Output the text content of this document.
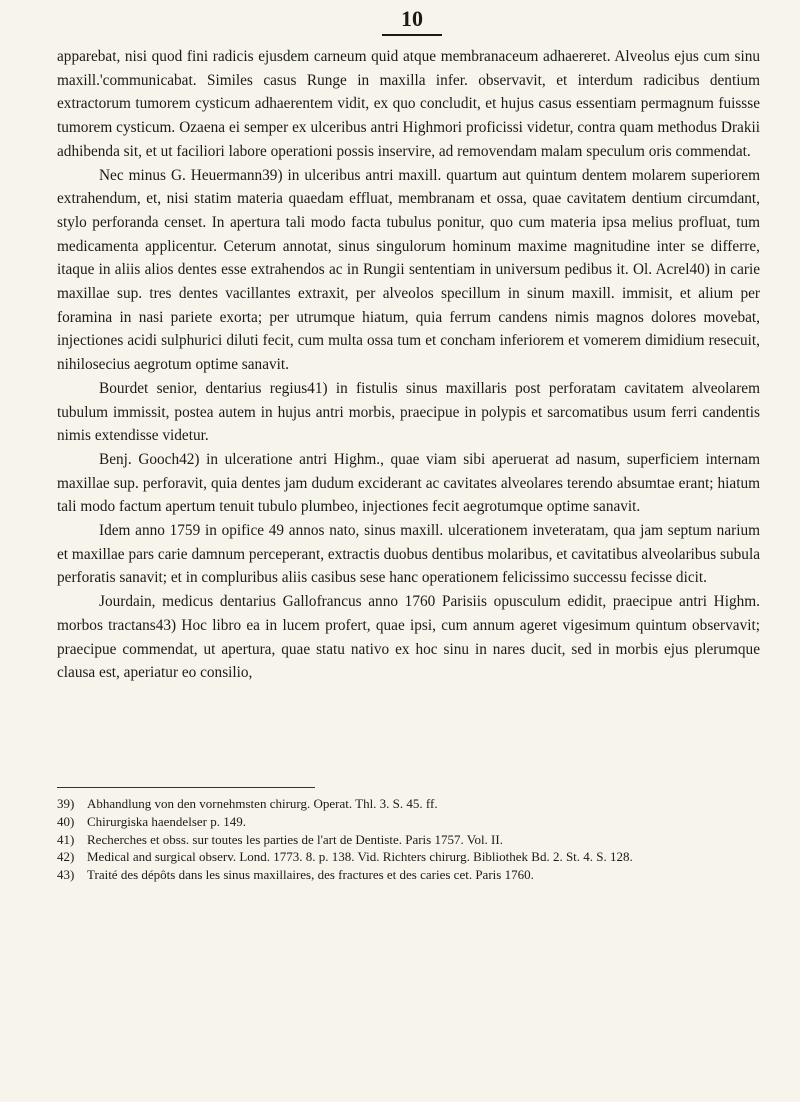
10

apparebat, nisi quod fini radicis ejusdem carneum quid atque membranaceum adhaereret. Alveolus ejus cum sinu maxill.'communicabat. Similes casus Runge in maxilla infer. observavit, et interdum radicibus dentium extractorum tumorem cysticum adhaerentem vidit, ex quo concludit, et hujus casus essentiam permagnum fuissse tumorem cysticum. Ozaena ei semper ex ulceribus antri Highmori proficissi videtur, contra quam methodus Drakii adhibenda sit, et ut faciliori labore operationi possis inservire, ad removendam malam speculum oris commendat.

Nec minus G. Heuermann39) in ulceribus antri maxill. quartum aut quintum dentem molarem superiorem extrahendum, et, nisi statim materia quaedam effluat, membranam et ossa, quae cavitatem dentium circumdant, stylo perforanda censet. In apertura tali modo facta tubulus ponitur, quo cum materia ipsa melius profluat, tum medicamenta applicentur. Ceterum annotat, sinus singulorum hominum maxime magnitudine inter se differre, itaque in aliis alios dentes esse extrahendos ac in Rungii sententiam in universum pedibus it. Ol. Acrel40) in carie maxillae sup. tres dentes vacillantes extraxit, per alveolos specillum in sinum maxill. immisit, et alium per foramina in nasi pariete exorta; per utrumque hiatum, quia ferrum candens nimis magnos dolores movebat, injectiones acidi sulphurici diluti fecit, cum multa ossa tum et concham inferiorem et vomerem dimidium resecuit, nihilosecius aegrotum optime sanavit.

Bourdet senior, dentarius regius41) in fistulis sinus maxillaris post perforatam cavitatem alveolarem tubulum immissit, postea autem in hujus antri morbis, praecipue in polypis et sarcomatibus usum ferri candentis nimis extendisse videtur.

Benj. Gooch42) in ulceratione antri Highm., quae viam sibi aperuerat ad nasum, superficiem internam maxillae sup. perforavit, quia dentes jam dudum exciderant ac cavitates alveolares terendo absumtae erant; hiatum tali modo factum apertum tenuit tubulo plumbeo, injectiones fecit aegrotumque optime sanavit.

Idem anno 1759 in opifice 49 annos nato, sinus maxill. ulcerationem inveteratam, qua jam septum narium et maxillae pars carie damnum perceperant, extractis duobus dentibus molaribus, et cavitatibus alveolaribus subula perforatis sanavit; et in compluribus aliis casibus sese hanc operationem felicissimo successu fecisse dicit.

Jourdain, medicus dentarius Gallofrancus anno 1760 Parisiis opusculum edidit, praecipue antri Highm. morbos tractans43) Hoc libro ea in lucem profert, quae ipsi, cum annum ageret vigesimum quintum observavit; praecipue commendat, ut apertura, quae statu nativo ex hoc sinu in nares ducit, sed in morbis ejus plerumque clausa est, aperiatur eo consilio,

39) Abhandlung von den vornehmsten chirurg. Operat. Thl. 3. S. 45. ff.
40) Chirurgiska haendelser p. 149.
41) Recherches et obss. sur toutes les parties de l'art de Dentiste. Paris 1757. Vol. II.
42) Medical and surgical observ. Lond. 1773. 8. p. 138. Vid. Richters chirurg. Bibliothek Bd. 2. St. 4. S. 128.
43) Traité des dépôts dans les sinus maxillaires, des fractures et des caries cet. Paris 1760.
